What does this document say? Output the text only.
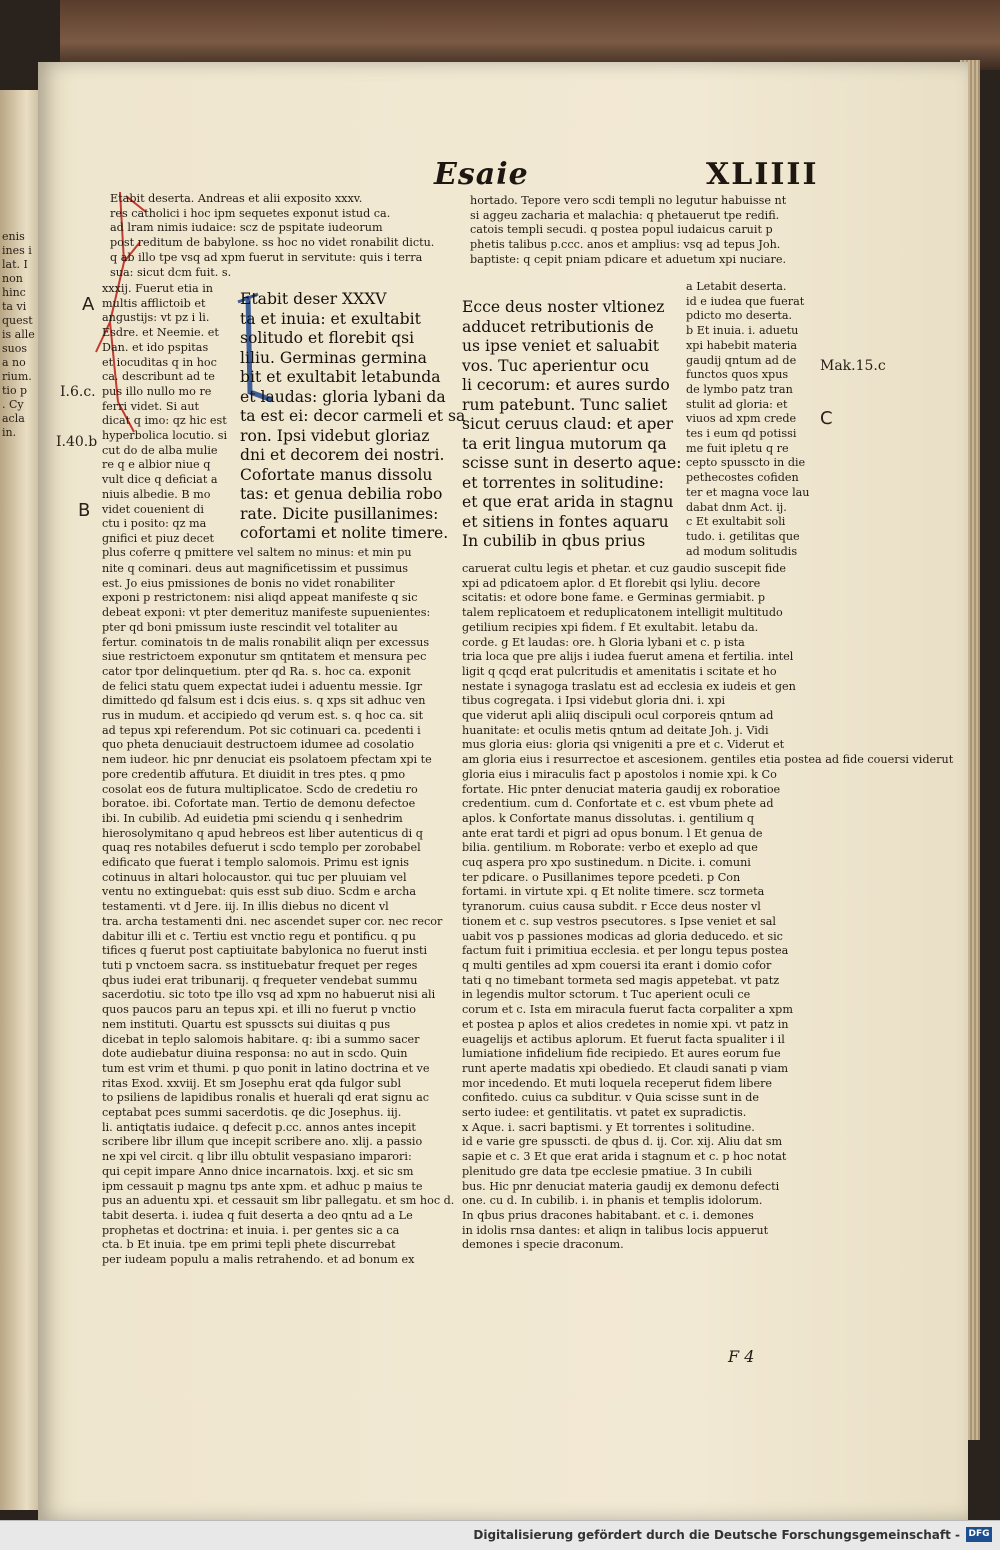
enis
ines i
lat. I
non
hinc
ta vi
quest
is alle
suos
a no
rium.
tio p
. Cy
acla
in.
Esaie	XLIIII
Etabit deserta. Andreas et alii exposito xxxv.
res catholici i hoc ipm sequetes exponut istud ca.
ad lram nimis iudaice: scz de pspitate iudeorum
post reditum de babylone. ss hoc no videt ronabilit dictu.
q ab illo tpe vsq ad xpm fuerut in servitute: quis i terra
sua: sicut dcm fuit. s.
hortado. Tepore vero scdi templi no legutur habuisse nt
si aggeu zacharia et malachia: q phetauerut tpe redifi.
catois templi secudi. q postea popul iudaicus caruit p
phetis talibus p.ccc. anos et amplius: vsq ad tepus Joh.
baptiste: q cepit pniam pdicare et aduetum xpi nuciare.
xxxij. Fuerut etia in
multis afflictoib et
angustijs: vt pz i li.
Esdre. et Neemie. et
Dan. et ido pspitas
et iocuditas q in hoc
ca. describunt ad te
pus illo nullo mo re
ferri videt. Si aut
dicat q imo: qz hic est
hyperbolica locutio. si
cut do de alba mulie
re q e albior niue q
vult dice q deficiat a
niuis albedie. B mo
videt couenient di
ctu i posito: qz ma
gnifici et piuz decet
plus coferre q pmittere vel saltem no minus: et min pu
Etabit deser XXXV
ta et inuia: et exultabit
solitudo et florebit qsi
liliu. Germinas germina
bit et exultabit letabunda
et laudas: gloria lybani da
ta est ei: decor carmeli et sa
ron. Ipsi videbut gloriaz
dni et decorem dei nostri.
Cofortate manus dissolu
tas: et genua debilia robo
rate. Dicite pusillanimes:
cofortami et nolite timere.
Ecce deus noster vltionez
adducet retributionis de
us ipse veniet et saluabit
vos. Tuc aperientur ocu
li cecorum: et aures surdo
rum patebunt. Tunc saliet
sicut ceruus claud: et aper
ta erit lingua mutorum qa
scisse sunt in deserto aque:
et torrentes in solitudine:
et que erat arida in stagnu
et sitiens in fontes aquaru
In cubilib in qbus prius
a Letabit deserta.
id e iudea que fuerat
pdicto mo deserta.
b Et inuia. i. aduetu
xpi habebit materia
gaudij qntum ad de
functos quos xpus
de lymbo patz tran
stulit ad gloria: et
viuos ad xpm crede
tes i eum qd potissi
me fuit ipletu q re
cepto spusscto in die
pethecostes cofiden
ter et magna voce lau
dabat dnm Act. ij.
c Et exultabit soli
tudo. i. getilitas que
ad modum solitudis
nite q cominari. deus aut magnificetissim et pussimus
est. Jo eius pmissiones de bonis no videt ronabiliter
exponi p restrictonem: nisi aliqd appeat manifeste q sic
debeat exponi: vt pter demerituz manifeste supuenientes:
pter qd boni pmissum iuste rescindit vel totaliter au
fertur. cominatois tn de malis ronabilit aliqn per excessus
siue restrictoem exponutur sm qntitatem et mensura pec
cator tpor delinquetium. pter qd Ra. s. hoc ca. exponit
de felici statu quem expectat iudei i aduentu messie. Igr
dimittedo qd falsum est i dcis eius. s. q xps sit adhuc ven
rus in mudum. et accipiedo qd verum est. s. q hoc ca. sit
ad tepus xpi referendum. Pot sic cotinuari ca. pcedenti i
quo pheta denuciauit destructoem idumee ad cosolatio
nem iudeor. hic pnr denuciat eis psolatoem pfectam xpi te
pore credentib affutura. Et diuidit in tres ptes. q pmo
cosolat eos de futura multiplicatoe. Scdo de credetiu ro
boratoe. ibi. Cofortate man. Tertio de demonu defectoe
ibi. In cubilib. Ad euidetia pmi sciendu q i senhedrim
hierosolymitano q apud hebreos est liber autenticus di q
quaq res notabiles defuerut i scdo templo per zorobabel
edificato que fuerat i templo salomois. Primu est ignis
cotinuus in altari holocaustor. qui tuc per pluuiam vel
ventu no extinguebat: quis esst sub diuo. Scdm e archa
testamenti. vt d Jere. iij. In illis diebus no dicent vl
tra. archa testamenti dni. nec ascendet super cor. nec recor
dabitur illi et c. Tertiu est vnctio regu et pontificu. q pu
tifices q fuerut post captiuitate babylonica no fuerut insti
tuti p vnctoem sacra. ss instituebatur frequet per reges
qbus iudei erat tribunarij. q frequeter vendebat summu
sacerdotiu. sic toto tpe illo vsq ad xpm no habuerut nisi ali
quos paucos paru an tepus xpi. et illi no fuerut p vnctio
nem instituti. Quartu est spusscts sui diuitas q pus
dicebat in teplo salomois habitare. q: ibi a summo sacer
dote audiebatur diuina responsa: no aut in scdo. Quin
tum est vrim et thumi. p quo ponit in latino doctrina et ve
ritas Exod. xxviij. Et sm Josephu erat qda fulgor subl
to psiliens de lapidibus ronalis et huerali qd erat signu ac
ceptabat pces summi sacerdotis. qe dic Josephus. iij.
li. antiqtatis iudaice. q defecit p.cc. annos antes incepit
scribere libr illum que incepit scribere ano. xlij. a passio
ne xpi vel circit. q libr illu obtulit vespasiano imparori:
qui cepit impare Anno dnice incarnatois. lxxj. et sic sm
ipm cessauit p magnu tps ante xpm. et adhuc p maius te
pus an aduentu xpi. et cessauit sm libr pallegatu. et sm hoc d.
tabit deserta. i. iudea q fuit deserta a deo qntu ad a Le
prophetas et doctrina: et inuia. i. per gentes sic a ca
cta. b Et inuia. tpe em primi tepli phete discurrebat
per iudeam populu a malis retrahendo. et ad bonum ex
caruerat cultu legis et phetar. et cuz gaudio suscepit fide
xpi ad pdicatoem aplor. d Et florebit qsi lyliu. decore
scitatis: et odore bone fame. e Germinas germiabit. p
talem replicatoem et reduplicatonem intelligit multitudo
getilium recipies xpi fidem. f Et exultabit. letabu da.
corde. g Et laudas: ore. h Gloria lybani et c. p ista
tria loca que pre alijs i iudea fuerut amena et fertilia. intel
ligit q qcqd erat pulcritudis et amenitatis i scitate et ho
nestate i synagoga traslatu est ad ecclesia ex iudeis et gen
tibus cogregata. i Ipsi videbut gloria dni. i. xpi
que viderut apli aliiq discipuli ocul corporeis qntum ad
huanitate: et oculis metis qntum ad deitate Joh. j. Vidi
mus gloria eius: gloria qsi vnigeniti a pre et c. Viderut et
am gloria eius i resurrectoe et ascesionem. gentiles etia postea ad fide couersi viderut
gloria eius i miraculis fact p apostolos i nomie xpi. k Co
fortate. Hic pnter denuciat materia gaudij ex roboratioe
credentium. cum d. Confortate et c. est vbum phete ad
aplos. k Confortate manus dissolutas. i. gentilium q
ante erat tardi et pigri ad opus bonum. l Et genua de
bilia. gentilium. m Roborate: verbo et exeplo ad que
cuq aspera pro xpo sustinedum. n Dicite. i. comuni
ter pdicare. o Pusillanimes tepore pcedeti. p Con
fortami. in virtute xpi. q Et nolite timere. scz tormeta
tyranorum. cuius causa subdit. r Ecce deus noster vl
tionem et c. sup vestros psecutores. s Ipse veniet et sal
uabit vos p passiones modicas ad gloria deducedo. et sic
factum fuit i primitiua ecclesia. et per longu tepus postea
q multi gentiles ad xpm couersi ita erant i domio cofor
tati q no timebant tormeta sed magis appetebat. vt patz
in legendis multor sctorum. t Tuc aperient oculi ce
corum et c. Ista em miracula fuerut facta corpaliter a xpm
et postea p aplos et alios credetes in nomie xpi. vt patz in
euagelijs et actibus aplorum. Et fuerut facta spualiter i il
lumiatione infidelium fide recipiedo. Et aures eorum fue
runt aperte madatis xpi obediedo. Et claudi sanati p viam
mor incedendo. Et muti loquela receperut fidem libere
confitedo. cuius ca subditur. v Quia scisse sunt in de
serto iudee: et gentilitatis. vt patet ex supradictis.
x Aque. i. sacri baptismi. y Et torrentes i solitudine.
id e varie gre spusscti. de qbus d. ij. Cor. xij. Aliu dat sm
sapie et c. 3 Et que erat arida i stagnum et c. p hoc notat
plenitudo gre data tpe ecclesie pmatiue. 3 In cubili
bus. Hic pnr denuciat materia gaudij ex demonu defecti
one. cu d. In cubilib. i. in phanis et templis idolorum.
In qbus prius dracones habitabant. et c. i. demones
in idolis rnsa dantes: et aliqn in talibus locis appuerut
demones i specie draconum.
A
I.6.c.
I.40.b
B
Mak.15.c
C
F 4
Digitalisierung gefördert durch die Deutsche Forschungsgemeinschaft - DFG
